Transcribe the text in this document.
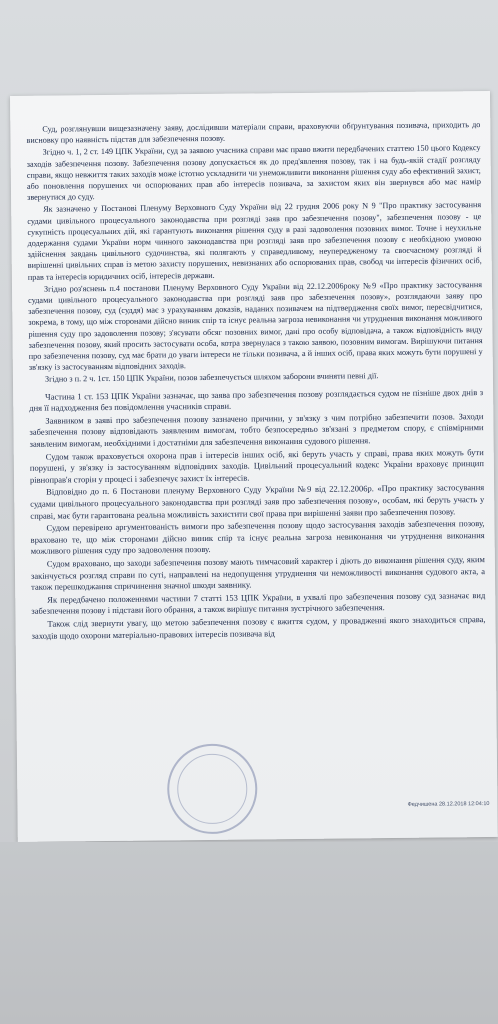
Суд, розглянувши вищезазначену заяву, дослідивши матеріали справи, враховуючи обґрунтування позивача, приходить до висновку про наявність підстав для забезпечення позову.

Згідно ч. 1, 2 ст. 149 ЦПК України, суд за заявою учасника справи має право вжити передбачених статтею 150 цього Кодексу заходів забезпечення позову. Забезпечення позову допускається як до пред'явлення позову, так і на будь-якій стадії розгляду справи, якщо невжиття таких заходів може істотно ускладнити чи унеможливити виконання рішення суду або ефективний захист, або поновлення порушених чи оспорюваних прав або інтересів позивача, за захистом яких він звернувся або має намір звернутися до суду.

Як зазначено у Постанові Пленуму Верховного Суду України від 22 грудня 2006 року N 9 "Про практику застосування судами цивільного процесуального законодавства при розгляді заяв про забезпечення позову", забезпечення позову - це сукупність процесуальних дій, які гарантують виконання рішення суду в разі задоволення позовних вимог. Точне і неухильне додержання судами України норм чинного законодавства при розгляді заяв про забезпечення позову є необхідною умовою здійснення завдань цивільного судочинства, які полягають у справедливому, неупередженому та своєчасному розгляді й вирішенні цивільних справ із метою захисту порушених, невизнаних або оспорюваних прав, свобод чи інтересів фізичних осіб, прав та інтересів юридичних осіб, інтересів держави.

Згідно роз'яснень п.4 постанови Пленуму Верховного Суду України від 22.12.2006року №9 «Про практику застосування судами цивільного процесуального законодавства при розгляді заяв про забезпечення позову», розглядаючи заяву про забезпечення позову, суд (суддя) має з урахуванням доказів, наданих позивачем на підтвердження своїх вимог, пересвідчитися, зокрема, в тому, що між сторонами дійсно виник спір та існує реальна загроза невиконання чи утруднення виконання можливого рішення суду про задоволення позову; з'ясувати обсяг позовних вимог, дані про особу відповідача, а також відповідність виду забезпечення позову, який просить застосувати особа, котра звернулася з такою заявою, позовним вимогам. Вирішуючи питання про забезпечення позову, суд має брати до уваги інтереси не тільки позивача, а й інших осіб, права яких можуть бути порушені у зв'язку із застосуванням відповідних заходів.

Згідно з п. 2 ч. 1ст. 150 ЦПК України, позов забезпечується шляхом заборони вчиняти певні дії.

Частина 1 ст. 153 ЦПК України зазначає, що заява про забезпечення позову розглядається судом не пізніше двох днів з дня її надходження без повідомлення учасників справи.

Заявником в заяві про забезпечення позову зазначено причини, у зв'язку з чим потрібно забезпечити позов. Заходи забезпечення позову відповідають заявленим вимогам, тобто безпосередньо зв'язані з предметом спору, є співмірними заявленим вимогам, необхідними і достатніми для забезпечення виконання судового рішення.

Судом також враховується охорона прав і інтересів інших осіб, які беруть участь у справі, права яких можуть бути порушені, у зв'язку із застосуванням відповідних заходів. Цивільний процесуальний кодекс України враховує принцип рівноправ'я сторін у процесі і забезпечує захист їх інтересів.

Відповідно до п. 6 Постанови пленуму Верховного Суду України №9 від 22.12.2006р. «Про практику застосування судами цивільного процесуального законодавства при розгляді заяв про забезпечення позову», особам, які беруть участь у справі, має бути гарантована реальна можливість захистити свої права при вирішенні заяви про забезпечення позову.

Судом перевірено аргументованість вимоги про забезпечення позову щодо застосування заходів забезпечення позову, враховано те, що між сторонами дійсно виник спір та існує реальна загроза невиконання чи утруднення виконання можливого рішення суду про задоволення позову.

Судом враховано, що заходи забезпечення позову мають тимчасовий характер і діють до виконання рішення суду, яким закінчується розгляд справи по суті, направлені на недопущення утруднення чи неможливості виконання судового акта, а також перешкоджання спричинення значної шкоди заявнику.

Як передбачено положеннями частини 7 статті 153 ЦПК України, в ухвалі про забезпечення позову суд зазначає вид забезпечення позову і підстави його обрання, а також вирішує питання зустрічного забезпечення.

Також слід звернути увагу, що метою забезпечення позову є вжиття судом, у провадженні якого знаходиться справа, заходів щодо охорони матеріально-правових інтересів позивача від

Федчишена 28.12.2018 12:04:10
